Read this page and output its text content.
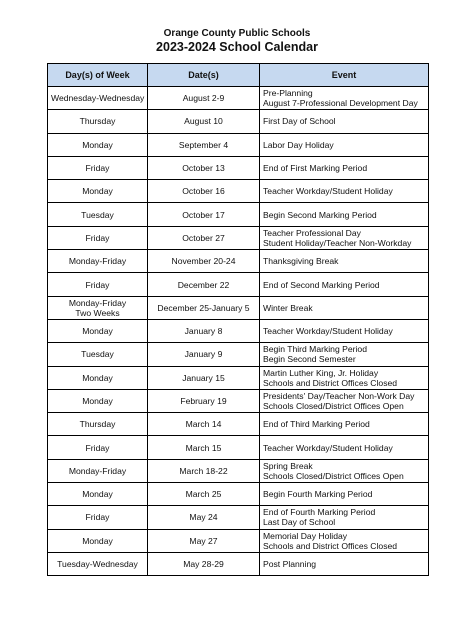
Orange County Public Schools
2023-2024 School Calendar
Day(s) of Week	Date(s)	Event

Wednesday-Wednesday	August 2-9	Pre-Planning
August 7-Professional Development Day

Thursday	August 10	First Day of School

Monday	September 4	Labor Day Holiday

Friday	October 13	End of First Marking Period

Monday	October 16	Teacher Workday/Student Holiday

Tuesday	October 17	Begin Second Marking Period

Friday	October 27	Teacher Professional Day
Student Holiday/Teacher Non-Workday

Monday-Friday	November 20-24	Thanksgiving Break

Friday	December 22	End of Second Marking Period

Monday-Friday
Two Weeks	December 25-January 5	Winter Break

Monday	January 8	Teacher Workday/Student Holiday

Tuesday	January 9	Begin Third Marking Period
Begin Second Semester

Monday	January 15	Martin Luther King, Jr. Holiday
Schools and District Offices Closed

Monday	February 19	Presidents' Day/Teacher Non-Work Day
Schools Closed/District Offices Open

Thursday	March 14	End of Third Marking Period

Friday	March 15	Teacher Workday/Student Holiday

Monday-Friday	March 18-22	Spring Break
Schools Closed/District Offices Open

Monday	March 25	Begin Fourth Marking Period

Friday	May 24	End of Fourth Marking Period
Last Day of School

Monday	May 27	Memorial Day Holiday
Schools and District Offices Closed

Tuesday-Wednesday	May 28-29	Post Planning
